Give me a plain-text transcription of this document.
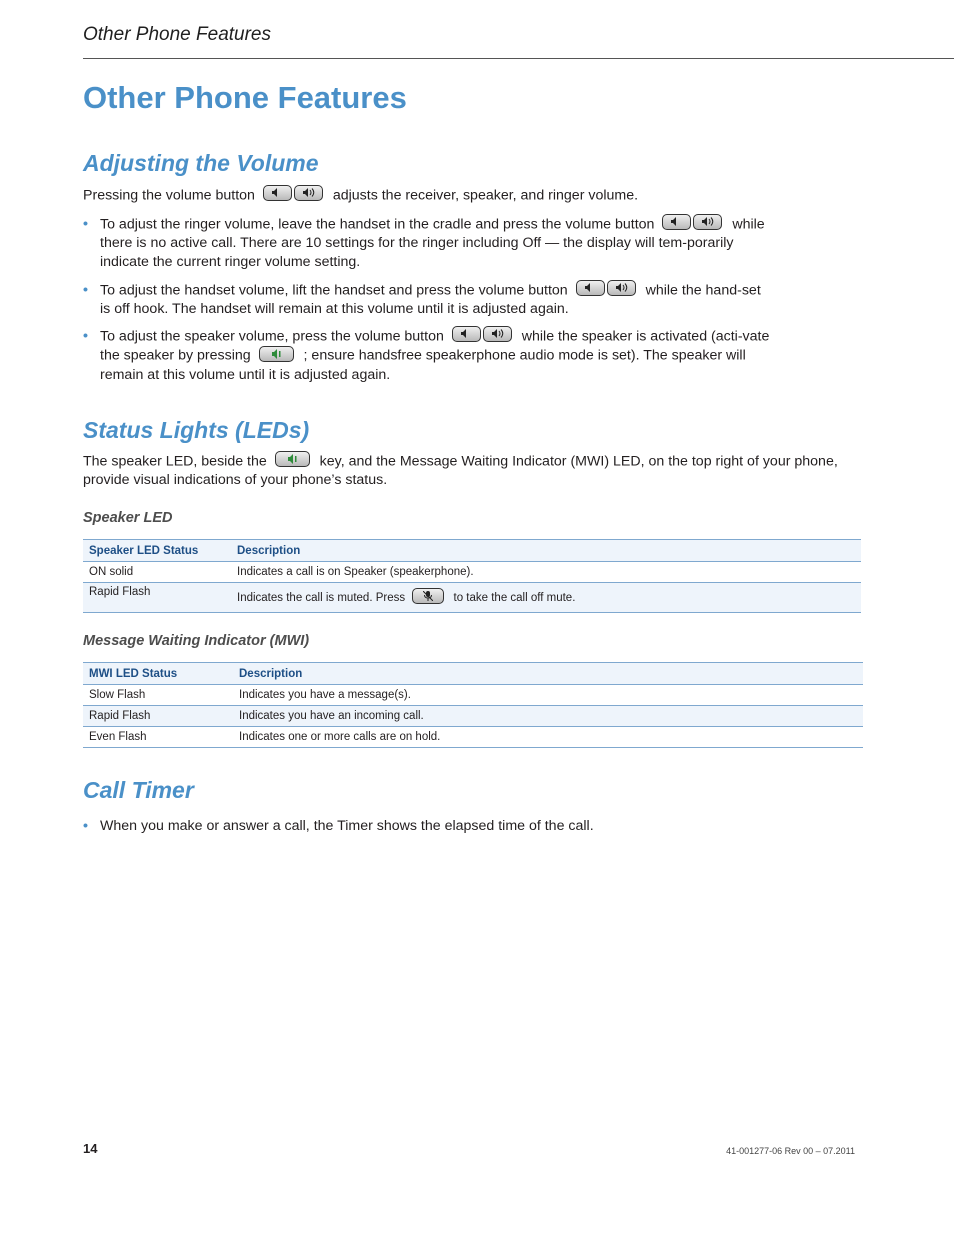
Other Phone Features
Other Phone Features
Adjusting the Volume

Pressing the volume button	adjusts the receiver, speaker, and ringer volume.

• To adjust the ringer volume, leave the handset in the cradle and press the volume button	while there is no active call. There are 10 settings for the ringer including Off — the display will tem-porarily indicate the current ringer volume setting.
• To adjust the handset volume, lift the handset and press the volume button	while the hand-set is off hook. The handset will remain at this volume until it is adjusted again.
• To adjust the speaker volume, press the volume button	while the speaker is activated (acti-vate the speaker by pressing	; ensure handsfree speakerphone audio mode is set). The speaker will remain at this volume until it is adjusted again.
Status Lights (LEDs)

The speaker LED, beside the	key, and the Message Waiting Indicator (MWI) LED, on the top right of your phone, provide visual indications of your phone’s status.

Speaker LED
Speaker LED Status	Description
ON solid	Indicates a call is on Speaker (speakerphone).
Rapid Flash	Indicates the call is muted. Press to take the call off mute.
Message Waiting Indicator (MWI)
MWI LED Status	Description
Slow Flash	Indicates you have a message(s).
Rapid Flash	Indicates you have an incoming call.
Even Flash	Indicates one or more calls are on hold.
Call Timer
• When you make or answer a call, the Timer shows the elapsed time of the call.
14	41-001277-06 Rev 00 – 07.2011
